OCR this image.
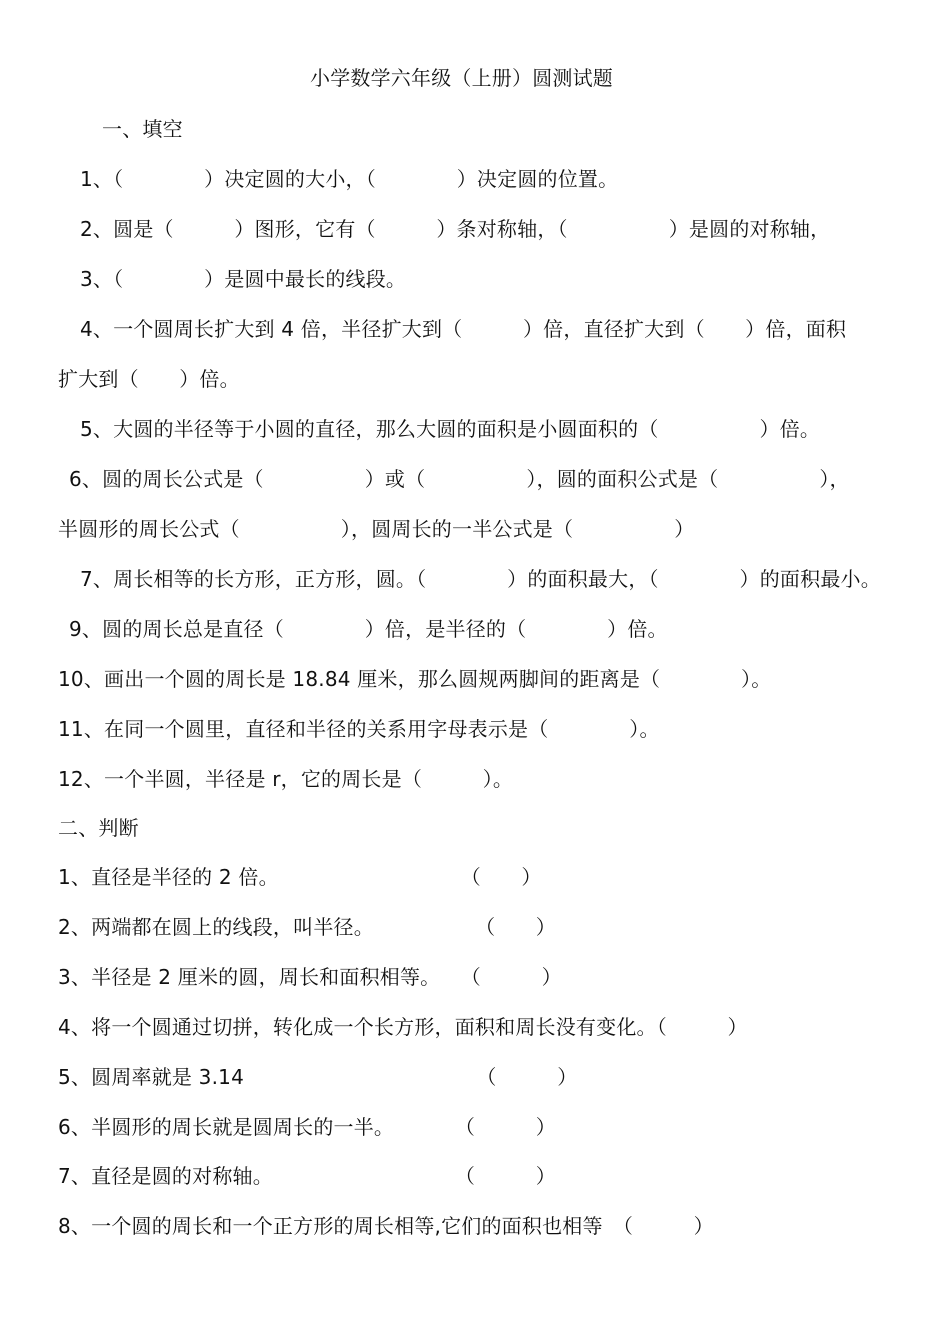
小学数学六年级（上册）圆测试题
一、填空
1、（　　　　）决定圆的大小，（　　　　）决定圆的位置。
2、圆是（　　　）图形，它有（　　　）条对称轴，（　　　　　）是圆的对称轴，
3、（　　　　）是圆中最长的线段。
4、一个圆周长扩大到 4 倍，半径扩大到（　　　）倍，直径扩大到（　　）倍，面积
扩大到（　　）倍。
5、大圆的半径等于小圆的直径，那么大圆的面积是小圆面积的（　　　　　）倍。
6、圆的周长公式是（　　　　　）或（　　　　　），圆的面积公式是（　　　　　），
半圆形的周长公式（　　　　　），圆周长的一半公式是（　　　　　）
7、周长相等的长方形，正方形，圆。（　　　　）的面积最大，（　　　　）的面积最小。
9、圆的周长总是直径（　　　　）倍，是半径的（　　　　）倍。
10、画出一个圆的周长是 18.84 厘米，那么圆规两脚间的距离是（　　　　）。
11、在同一个圆里，直径和半径的关系用字母表示是（　　　　）。
12、一个半圆，半径是 r，它的周长是（　　　）。
二、判断
1、直径是半径的 2 倍。　　　　　　　　　　（　　）
2、两端都在圆上的线段，叫半径。　　　　　　（　　）
3、半径是 2 厘米的圆，周长和面积相等。　　（　　　）
4、将一个圆通过切拼，转化成一个长方形，面积和周长没有变化。（　　　）
5、圆周率就是 3.14　　　　　　　　　　　　（　　　）
6、半圆形的周长就是圆周长的一半。　　　　（　　　）
7、直径是圆的对称轴。　　　　　　　　　　（　　　）
8、一个圆的周长和一个正方形的周长相等,它们的面积也相等　（　　　）
